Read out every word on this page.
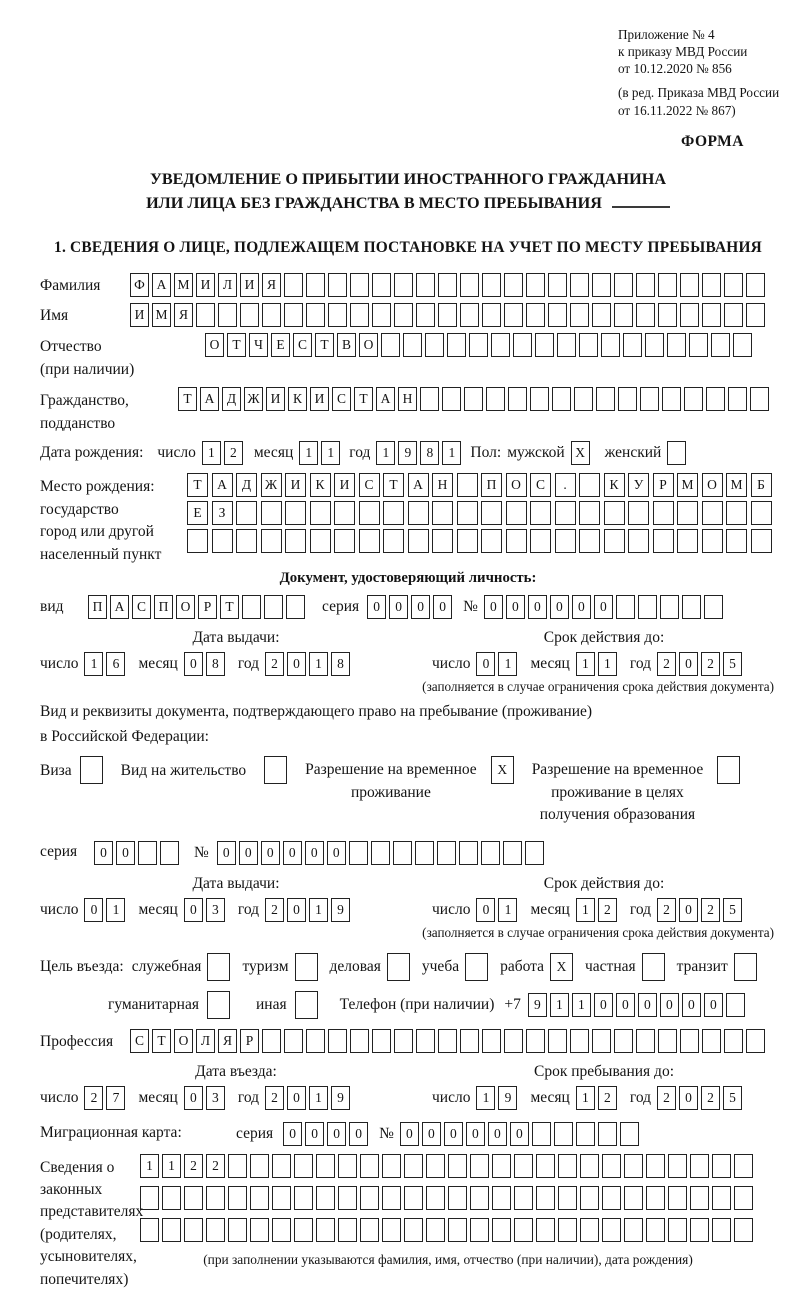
Приложение № 4
к приказу МВД России
от 10.12.2020 № 856
(в ред. Приказа МВД России
от 16.11.2022 № 867)
ФОРМА
УВЕДОМЛЕНИЕ О ПРИБЫТИИ ИНОСТРАННОГО ГРАЖДАНИНА
ИЛИ ЛИЦА БЕЗ ГРАЖДАНСТВА В МЕСТО ПРЕБЫВАНИЯ
1. СВЕДЕНИЯ О ЛИЦЕ, ПОДЛЕЖАЩЕМ ПОСТАНОВКЕ НА УЧЕТ ПО МЕСТУ ПРЕБЫВАНИЯ
Фамилия	Ф А М И Л И Я
Имя	И М Я
Отчество
(при наличии)
О Т Ч Е С Т В О
Гражданство,
подданство
Т А Д Ж И К И С Т А Н
Дата рождения: число 1	2	месяц 1	1 год 1	9	8	1 Пол: мужской X	женский
Место рождения:
государство
город или другой
населенный пункт
Т	А	Д	Ж	И	К	И	С	Т	А	Н	П	О	С	.	К	У	Р	М	О	М	Б
Е	З
Документ, удостоверяющий личность:
вид	П А С П О Р	Т	серия	0	0	0	0	№ 0	0	0	0	0	0
Дата выдачи:
число 1	6	месяц 0	8	год 2	0	1	8
Срок действия до:
число 0	1	месяц 1	1	год 2	0	2	5
(заполняется в случае ограничения срока действия документа)
Вид и реквизиты документа, подтверждающего право на пребывание (проживание)
в Российской Федерации:
Виза	Вид на жительство	Разрешение на временное
проживание
X	Разрешение на временное
проживание в целях
получения образования
серия	0	0	№	0	0	0	0	0	0
Дата выдачи:
число 0	1	месяц 0	3	год 2	0	1	9
Срок действия до:
число 0	1	месяц 1	2	год 2	0	2	5
(заполняется в случае ограничения срока действия документа)
Цель въезда: служебная	туризм	деловая	учеба	работа X	частная	транзит
гуманитарная	иная	Телефон (при наличии) +7 9	1	1	0	0	0	0	0	0
Профессия	С Т О Л Я	Р
Дата въезда:
число 2	7	месяц 0	3	год 2	0	1	9
Срок пребывания до:
число 1	9	месяц 1	2	год 2	0	2	5
Миграционная карта:	серия	0	0	0	0	№ 0	0	0	0	0	0
Сведения о
законных
представителях
(родителях,
усыновителях,
попечителях)
1	1	2	2
(при заполнении указываются фамилия, имя, отчество (при наличии), дата рождения)
